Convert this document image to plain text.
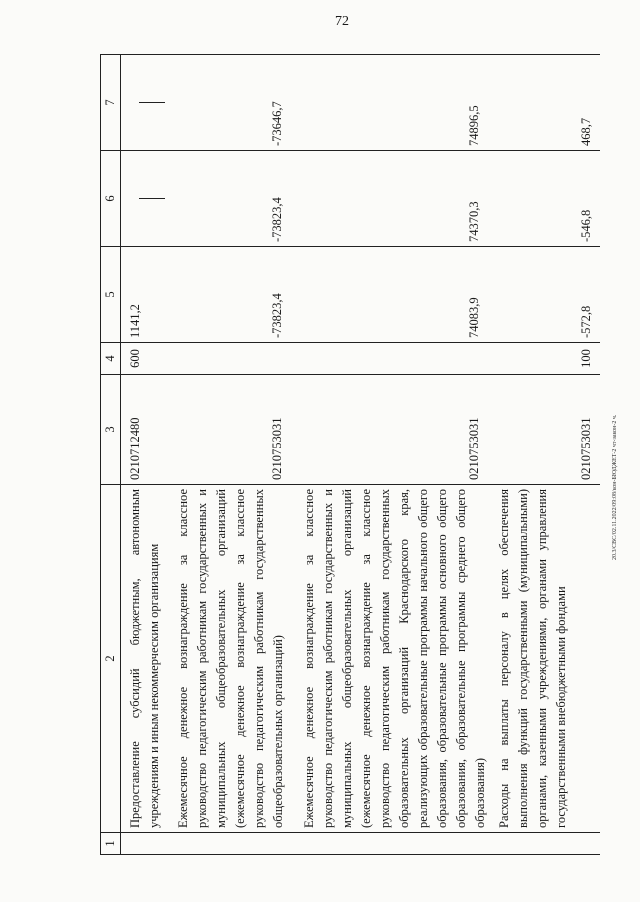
72
1	2	3	4	5	6	7
	Предоставление субсидий бюджетным, автономным учреждениям и иным некоммерческим организациям	0210712480	600	1141,2		
	Ежемесячное денежное вознаграждение за классное руководство педагогическим работникам государственных и муниципальных общеобразовательных организаций (ежемесячное денежное вознаграждение за классное руководство педагогическим работникам государственных общеобразовательных организаций)	0210753031		-73823,4	-73823,4	-73646,7
	Ежемесячное денежное вознаграждение за классное руководство педагогическим работникам государственных и муниципальных общеобразовательных организаций (ежемесячное денежное вознаграждение за классное руководство педагогическим работникам государственных образовательных организаций Краснодарского края, реализующих образовательные программы начального общего образования, образовательные программы основного общего образования, образовательные программы среднего общего образования)	0210753031		74083,9	74370,3	74896,5
	Расходы на выплаты персоналу в целях обеспечения выполнения функций государственными (муниципальными) органами, казенными учреждениями, органами управления государственными внебюджетными фондами	0210753031	100	-572,8	-546,8	468,7
20.3/СВС/02.11.2022/09:08/кон-БЮДЖЕТ-2 чт-закон-2 ч.
